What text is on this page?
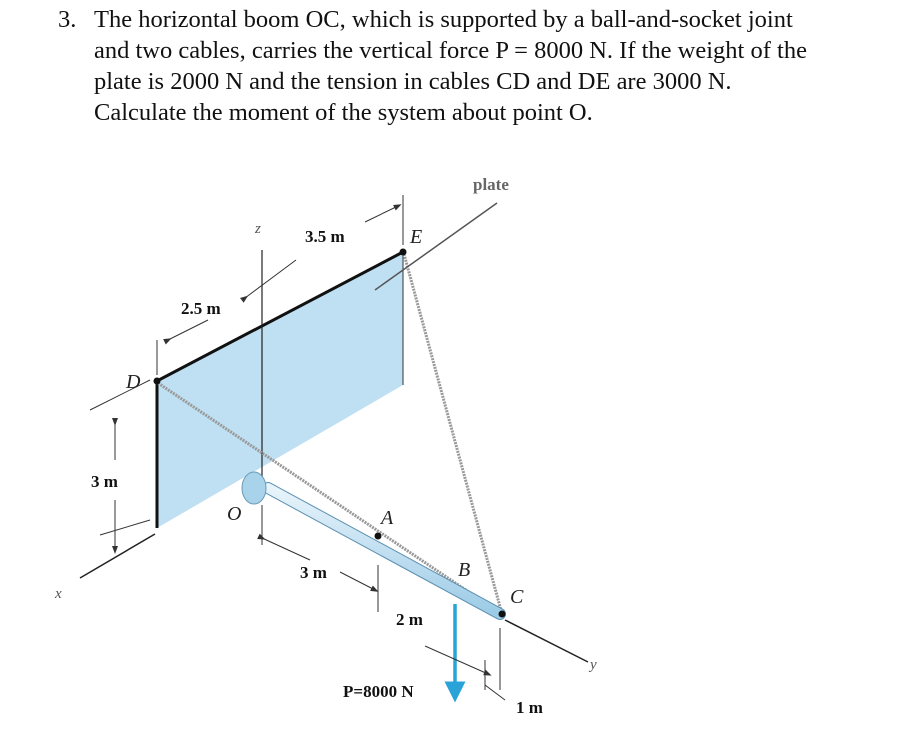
3. The horizontal boom OC, which is supported by a ball-and-socket joint
and two cables, carries the vertical force P = 8000 N. If the weight of the
plate is 2000 N and the tension in cables CD and DE are 3000 N.
Calculate the moment of the system about point O.
plate
3.5 m
2.5 m
3 m
3 m
2 m
1 m
P=8000 N
D
E
O	A
B
C
x
y
z
